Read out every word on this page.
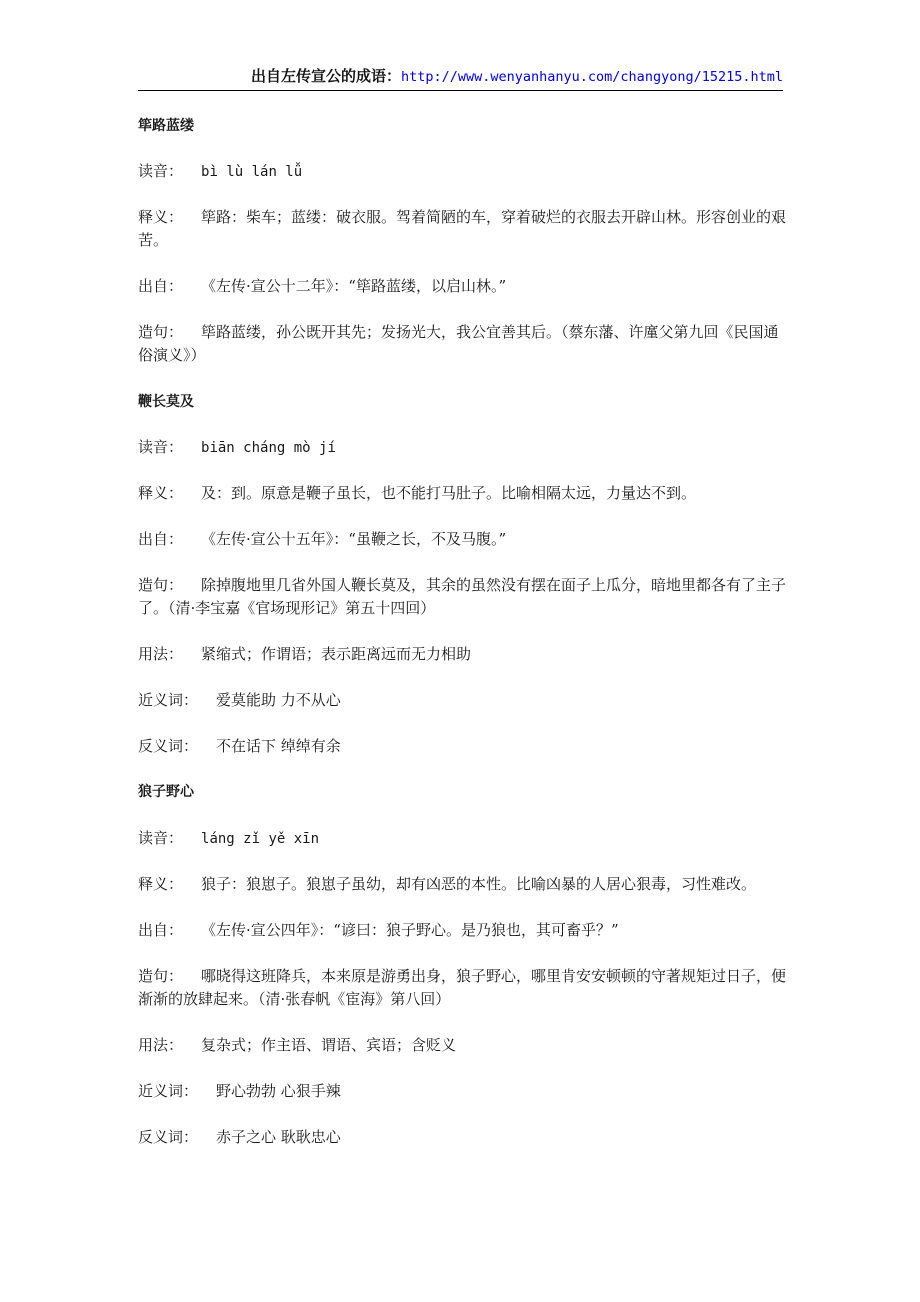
出自左传宣公的成语：http://www.wenyanhanyu.com/changyong/15215.html

筚路蓝缕

读音： bì lù lán lǚ

释义： 筚路：柴车；蓝缕：破衣服。驾着简陋的车，穿着破烂的衣服去开辟山林。形容创业的艰苦。

出自： 《左传·宣公十二年》：“筚路蓝缕，以启山林。”

造句： 筚路蓝缕，孙公既开其先；发扬光大，我公宜善其后。（蔡东藩、许廑父第九回《民国通俗演义》）

鞭长莫及

读音： biān cháng mò jí

释义： 及：到。原意是鞭子虽长，也不能打马肚子。比喻相隔太远，力量达不到。

出自： 《左传·宣公十五年》：“虽鞭之长，不及马腹。”

造句： 除掉腹地里几省外国人鞭长莫及，其余的虽然没有摆在面子上瓜分，暗地里都各有了主子了。（清·李宝嘉《官场现形记》第五十四回）

用法： 紧缩式；作谓语；表示距离远而无力相助

近义词： 爱莫能助 力不从心

反义词： 不在话下 绰绰有余

狼子野心

读音： láng zǐ yě xīn

释义： 狼子：狼崽子。狼崽子虽幼，却有凶恶的本性。比喻凶暴的人居心狠毒，习性难改。

出自： 《左传·宣公四年》：“谚曰：狼子野心。是乃狼也，其可畜乎？”

造句： 哪晓得这班降兵，本来原是游勇出身，狼子野心，哪里肯安安顿顿的守著规矩过日子，便渐渐的放肆起来。（清·张春帆《宦海》第八回）

用法： 复杂式；作主语、谓语、宾语；含贬义

近义词： 野心勃勃 心狠手辣

反义词： 赤子之心 耿耿忠心
